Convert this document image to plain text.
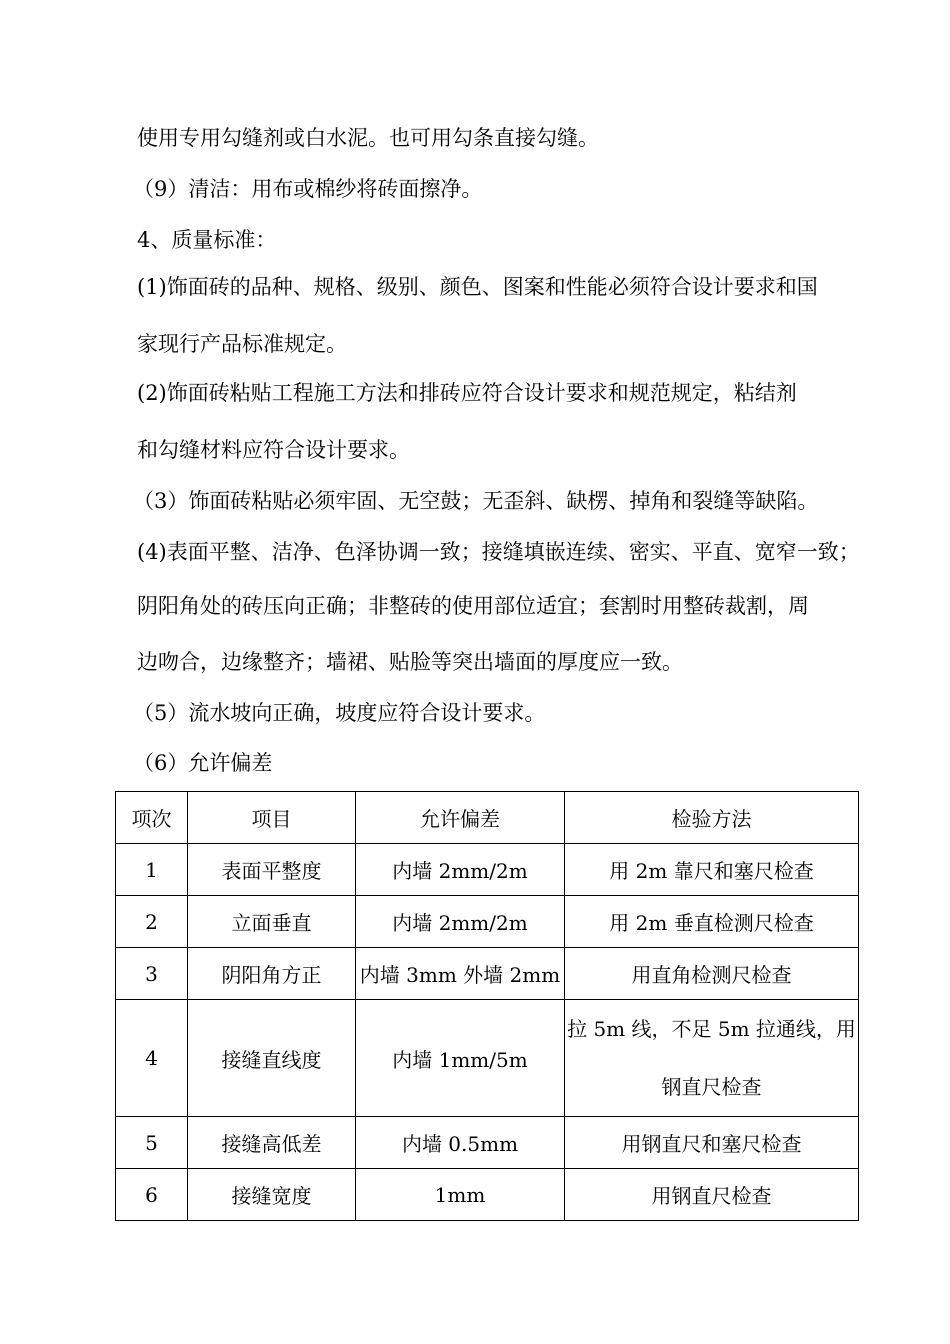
使用专用勾缝剂或白水泥。也可用勾条直接勾缝。
（9）清洁：用布或棉纱将砖面擦净。
4、质量标准：
(1)饰面砖的品种、规格、级别、颜色、图案和性能必须符合设计要求和国
家现行产品标准规定。
(2)饰面砖粘贴工程施工方法和排砖应符合设计要求和规范规定，粘结剂
和勾缝材料应符合设计要求。
（3）饰面砖粘贴必须牢固、无空鼓；无歪斜、缺楞、掉角和裂缝等缺陷。
(4)表面平整、洁净、色泽协调一致；接缝填嵌连续、密实、平直、宽窄一致；
阴阳角处的砖压向正确；非整砖的使用部位适宜；套割时用整砖裁割，周
边吻合，边缘整齐；墙裙、贴脸等突出墙面的厚度应一致。
（5）流水坡向正确，坡度应符合设计要求。
（6）允许偏差
项次	项目	允许偏差	检验方法
1	表面平整度	内墙 2mm/2m	用 2m 靠尺和塞尺检查
2	立面垂直	内墙 2mm/2m	用 2m 垂直检测尺检查
3	阴阳角方正	内墙 3mm 外墙 2mm	用直角检测尺检查
4	接缝直线度	内墙 1mm/5m	拉 5m 线，不足 5m 拉通线，用
钢直尺检查

5	接缝高低差	内墙 0.5mm	用钢直尺和塞尺检查
6	接缝宽度	1mm	用钢直尺检查
